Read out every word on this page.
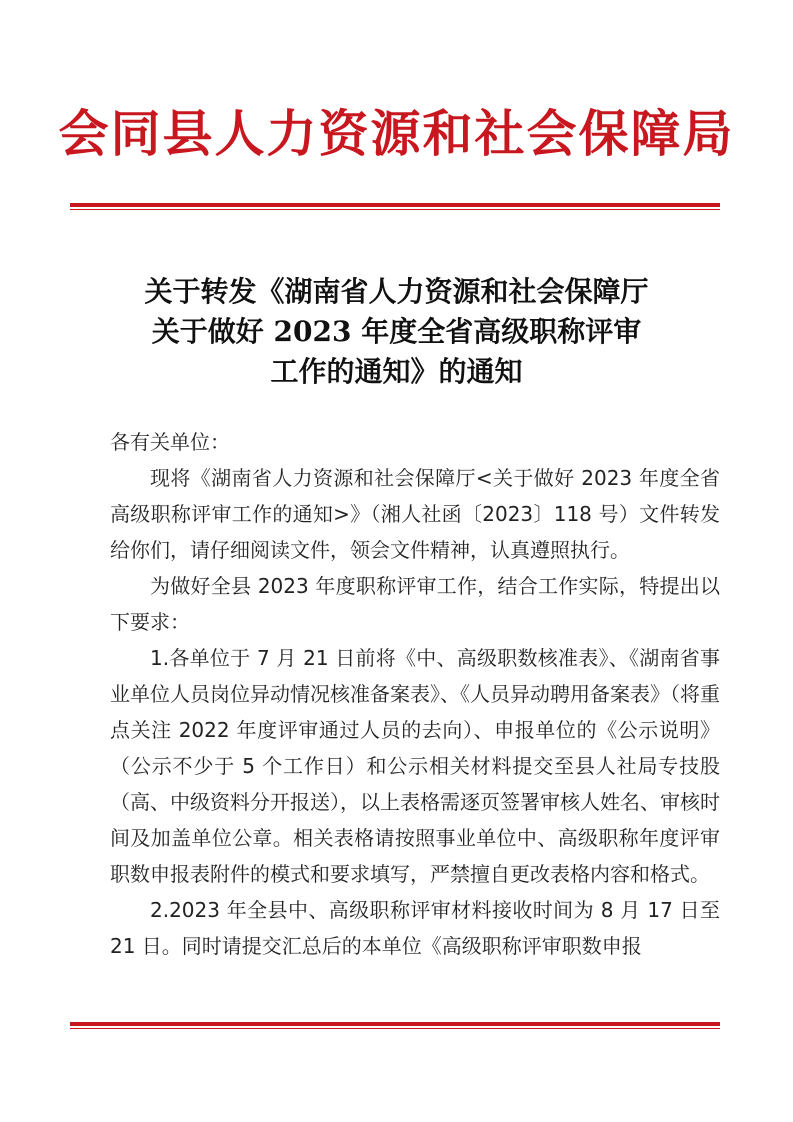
会同县人力资源和社会保障局
关于转发《湖南省人力资源和社会保障厅
关于做好 2023 年度全省高级职称评审
工作的通知》的通知

各有关单位：

现将《湖南省人力资源和社会保障厅<关于做好 2023 年度全省高级职称评审工作的通知>》（湘人社函〔2023〕118 号）文件转发给你们，请仔细阅读文件，领会文件精神，认真遵照执行。

为做好全县 2023 年度职称评审工作，结合工作实际，特提出以下要求：

1.各单位于 7 月 21 日前将《中、高级职数核准表》、《湖南省事业单位人员岗位异动情况核准备案表》、《人员异动聘用备案表》（将重点关注 2022 年度评审通过人员的去向）、申报单位的《公示说明》（公示不少于 5 个工作日）和公示相关材料提交至县人社局专技股（高、中级资料分开报送），以上表格需逐页签署审核人姓名、审核时间及加盖单位公章。相关表格请按照事业单位中、高级职称年度评审职数申报表附件的模式和要求填写，严禁擅自更改表格内容和格式。

2.2023 年全县中、高级职称评审材料接收时间为 8 月 17 日至 21 日。同时请提交汇总后的本单位《高级职称评审职数申报
